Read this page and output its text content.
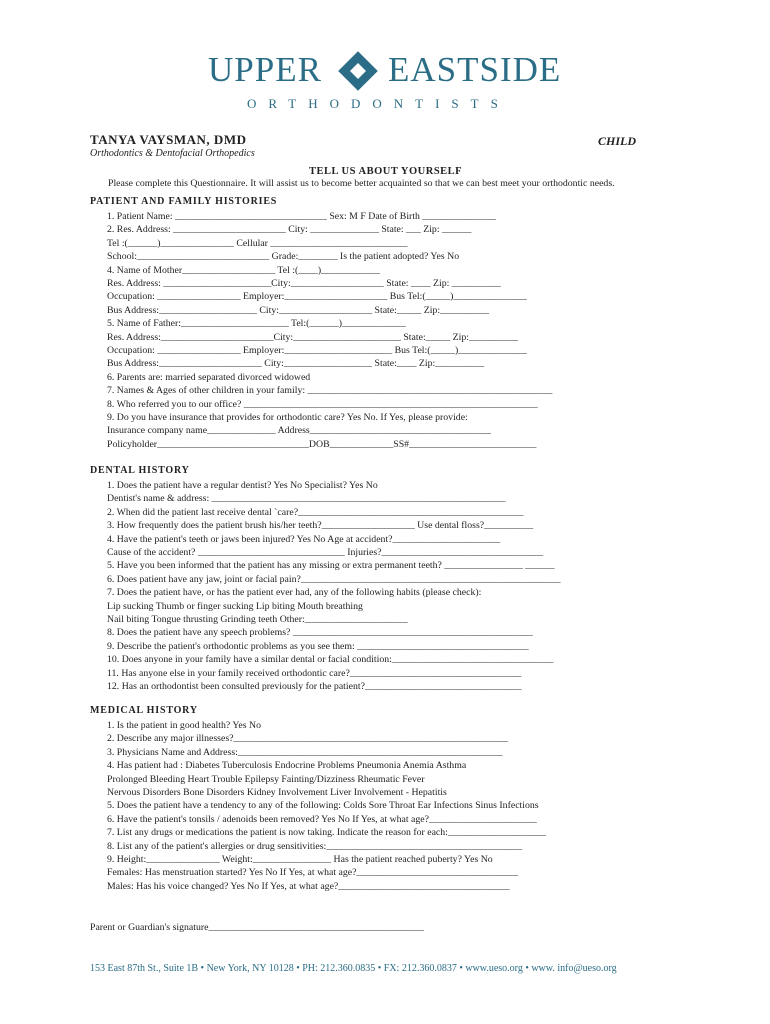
UPPER EASTSIDE
ORTHODONTISTS
TANYA VAYSMAN, DMD	CHILD
Orthodontics & Dentofacial Orthopedics
TELL US ABOUT YOURSELF
Please complete this Questionnaire. It will assist us to become better acquainted so that we can best meet your orthodontic needs.
PATIENT AND FAMILY HISTORIES
1. Patient Name: _______________________________ Sex: M F Date of Birth _______________
2. Res. Address: _______________________ City: ______________ State: ___ Zip: ______
Tel :(______)_______________ Cellular ____________________________
School:___________________________ Grade:________ Is the patient adopted? Yes No
4. Name of Mother___________________ Tel :(____)____________
Res. Address: ______________________City:___________________ State: ____ Zip: __________
Occupation: _________________ Employer:_____________________ Bus Tel:(_____)_______________
Bus Address:____________________ City:___________________ State:_____ Zip:__________
5. Name of Father:______________________ Tel:(______)_____________
Res. Address:_______________________City:______________________ State:_____ Zip:__________
Occupation: _________________ Employer:______________________ Bus Tel:(_____)______________
Bus Address:_____________________ City:__________________ State:____ Zip:__________
6. Parents are: married separated divorced widowed
7. Names & Ages of other children in your family: __________________________________________________
8. Who referred you to our office? ____________________________________________________________
9. Do you have insurance that provides for orthodontic care? Yes No. If Yes, please provide:
Insurance company name______________ Address_____________________________________
Policyholder_______________________________DOB_____________SS#__________________________
DENTAL HISTORY
1. Does the patient have a regular dentist? Yes No Specialist? Yes No
Dentist's name & address: ____________________________________________________________
2. When did the patient last receive dental `care?______________________________________________
3. How frequently does the patient brush his/her teeth?___________________ Use dental floss?__________
4. Have the patient's teeth or jaws been injured? Yes No Age at accident?______________________
Cause of the accident? ______________________________ Injuries?_________________________________
5. Have you been informed that the patient has any missing or extra permanent teeth? ________________ ______
6. Does patient have any jaw, joint or facial pain?_____________________________________________________
7. Does the patient have, or has the patient ever had, any of the following habits (please check):
Lip sucking Thumb or finger sucking Lip biting Mouth breathing
Nail biting Tongue thrusting Grinding teeth Other:_____________________
8. Does the patient have any speech problems? _________________________________________________
9. Describe the patient's orthodontic problems as you see them: ___________________________________
10. Does anyone in your family have a similar dental or facial condition:_________________________________
11. Has anyone else in your family received orthodontic care?___________________________________
12. Has an orthodontist been consulted previously for the patient?________________________________
MEDICAL HISTORY
1. Is the patient in good health? Yes No
2. Describe any major illnesses?________________________________________________________
3. Physicians Name and Address:______________________________________________________
4. Has patient had : Diabetes Tuberculosis Endocrine Problems Pneumonia Anemia Asthma
Prolonged Bleeding Heart Trouble Epilepsy Fainting/Dizziness Rheumatic Fever
Nervous Disorders Bone Disorders Kidney Involvement Liver Involvement - Hepatitis
5. Does the patient have a tendency to any of the following: Colds Sore Throat Ear Infections Sinus Infections
6. Have the patient's tonsils / adenoids been removed? Yes No If Yes, at what age?______________________
7. List any drugs or medications the patient is now taking. Indicate the reason for each:____________________
8. List any of the patient's allergies or drug sensitivities:________________________________________
9. Height:_______________ Weight:________________ Has the patient reached puberty? Yes No
Females: Has menstruation started? Yes No If Yes, at what age?_________________________________
Males: Has his voice changed? Yes No If Yes, at what age?___________________________________
Parent or Guardian's signature____________________________________________
153 East 87th St., Suite 1B • New York, NY 10128 • PH: 212.360.0835 • FX: 212.360.0837 • www.ueso.org • www. info@ueso.org
